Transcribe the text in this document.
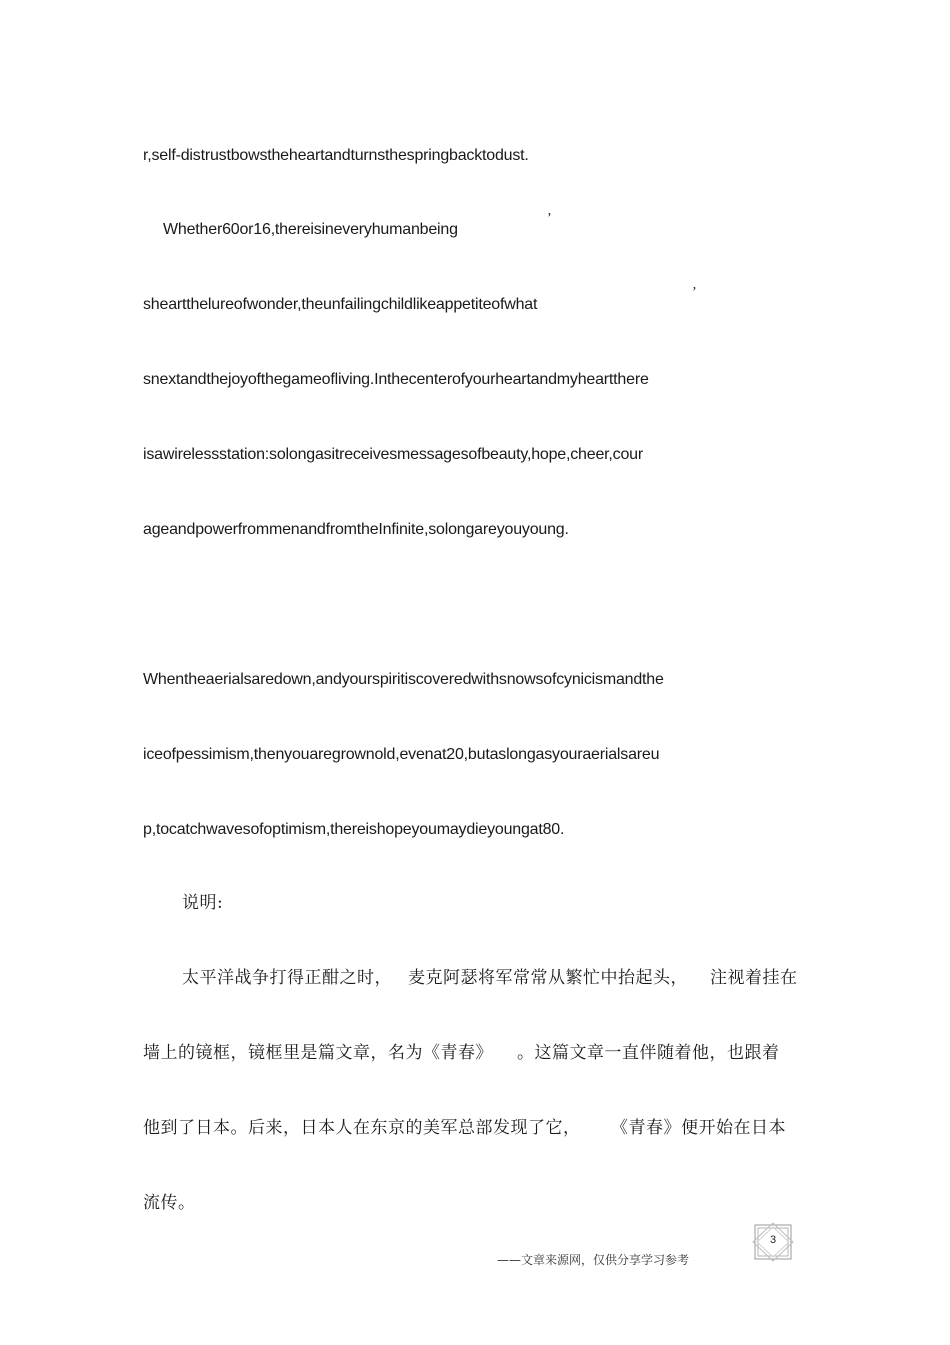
r,self-distrustbowstheheartandturnsthespringbacktodust.
Whether60or16,thereisineveryhumanbeing
’
sheartthelureofwonder,theunfailingchildlikeappetiteofwhat
’
snextandthejoyofthegameofliving.Inthecenterofyourheartandmyheartthere
isawirelessstation:solongasitreceivesmessagesofbeauty,hope,cheer,cour
ageandpowerfrommenandfromtheInfinite,solongareyouyoung.
Whentheaerialsaredown,andyourspiritiscoveredwithsnowsofcynicismandthe
iceofpessimism,thenyouaregrownold,evenat20,butaslongasyouraerialsareu
p,tocatchwavesofoptimism,thereishopeyoumaydieyoungat80.
说明:
太平洋战争打得正酣之时， 麦克阿瑟将军常常从繁忙中抬起头， 注视着挂在
墙上的镜框，镜框里是篇文章，名为《青春》 。这篇文章一直伴随着他，也跟着
他到了日本。后来，日本人在东京的美军总部发现了它， 《青春》便开始在日本
流传。
3
——文章来源网，仅供分享学习参考
